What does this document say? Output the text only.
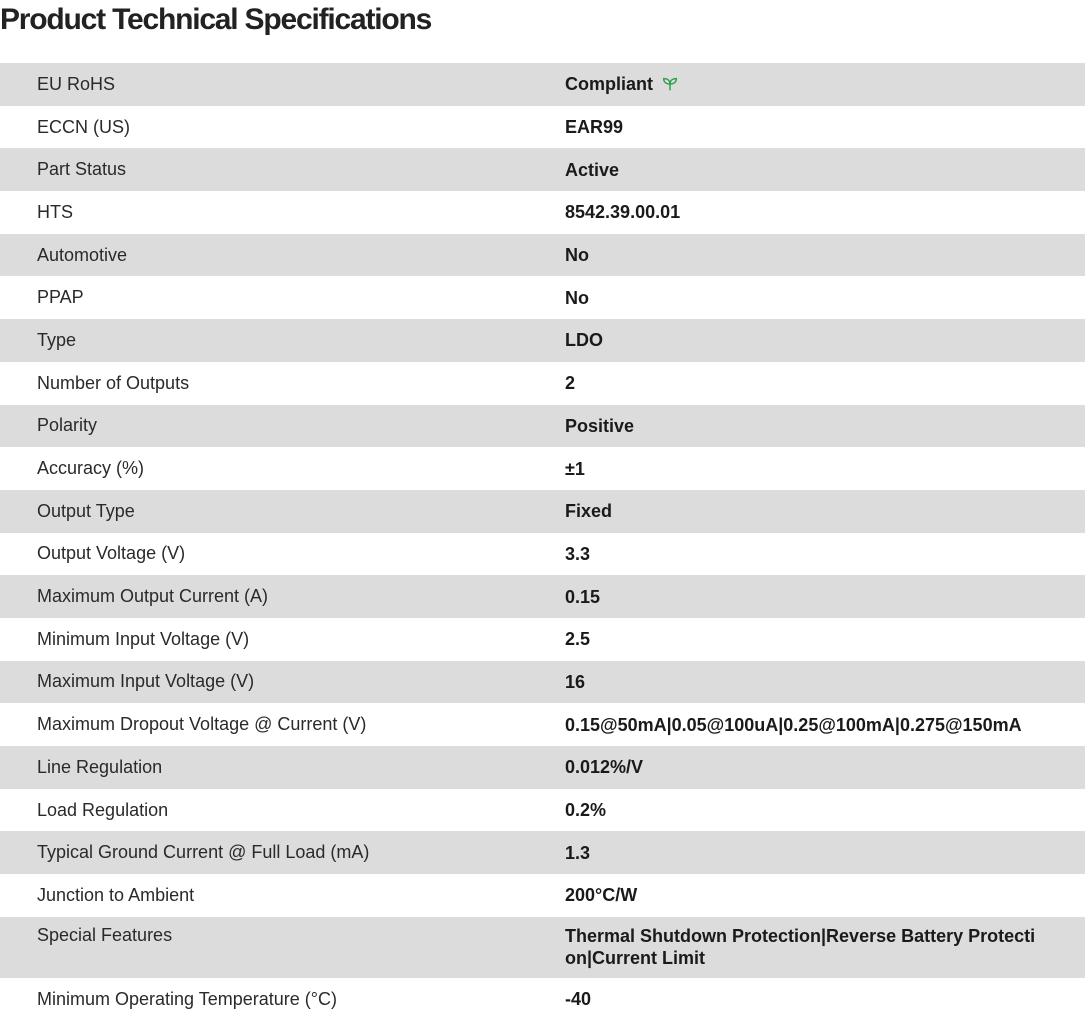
Product Technical Specifications
EU RoHS	Compliant
ECCN (US)	EAR99
Part Status	Active
HTS	8542.39.00.01
Automotive	No
PPAP	No
Type	LDO
Number of Outputs	2
Polarity	Positive
Accuracy (%)	±1
Output Type	Fixed
Output Voltage (V)	3.3
Maximum Output Current (A)	0.15
Minimum Input Voltage (V)	2.5
Maximum Input Voltage (V)	16
Maximum Dropout Voltage @ Current (V)	0.15@50mA|0.05@100uA|0.25@100mA|0.275@150mA
Line Regulation	0.012%/V
Load Regulation	0.2%
Typical Ground Current @ Full Load (mA)	1.3
Junction to Ambient	200°C/W
Special Features	Thermal Shutdown Protection|Reverse Battery Protection|Current Limit
Minimum Operating Temperature (°C)	-40
